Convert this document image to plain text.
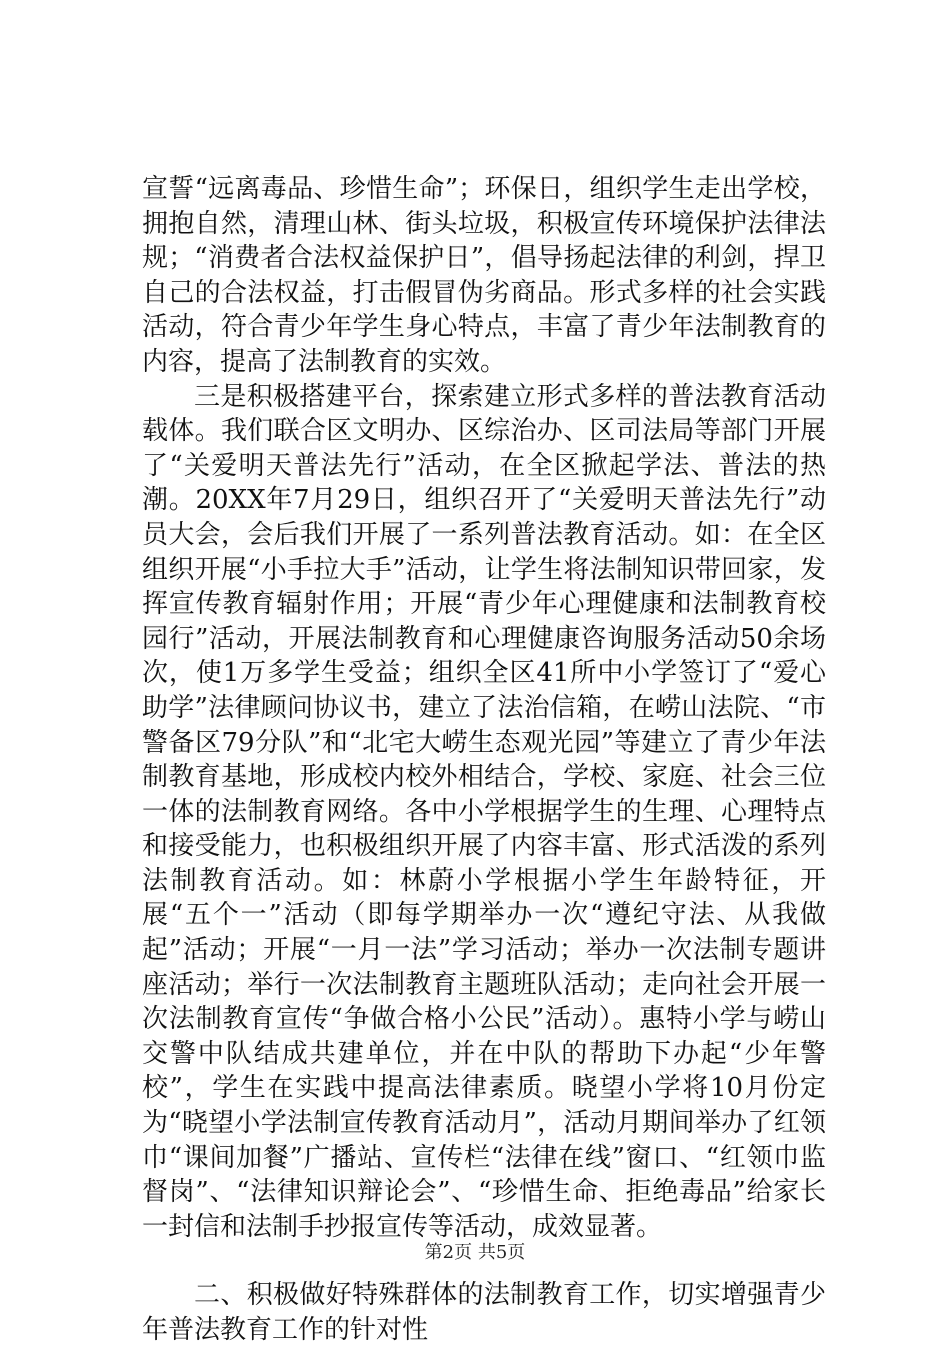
宣誓“远离毒品、珍惜生命”；环保日，组织学生走出学校，拥抱自然，清理山林、街头垃圾，积极宣传环境保护法律法规；“消费者合法权益保护日”，倡导扬起法律的利剑，捍卫自己的合法权益，打击假冒伪劣商品。形式多样的社会实践活动，符合青少年学生身心特点，丰富了青少年法制教育的内容，提高了法制教育的实效。

三是积极搭建平台，探索建立形式多样的普法教育活动载体。我们联合区文明办、区综治办、区司法局等部门开展了“关爱明天普法先行”活动，在全区掀起学法、普法的热潮。20XX年7月29日，组织召开了“关爱明天普法先行”动员大会，会后我们开展了一系列普法教育活动。如：在全区组织开展“小手拉大手”活动，让学生将法制知识带回家，发挥宣传教育辐射作用；开展“青少年心理健康和法制教育校园行”活动，开展法制教育和心理健康咨询服务活动50余场次，使1万多学生受益；组织全区41所中小学签订了“爱心助学”法律顾问协议书，建立了法治信箱，在崂山法院、“市警备区79分队”和“北宅大崂生态观光园”等建立了青少年法制教育基地，形成校内校外相结合，学校、家庭、社会三位一体的法制教育网络。各中小学根据学生的生理、心理特点和接受能力，也积极组织开展了内容丰富、形式活泼的系列法制教育活动。如：林蔚小学根据小学生年龄特征，开展“五个一”活动（即每学期举办一次“遵纪守法、从我做起”活动；开展“一月一法”学习活动；举办一次法制专题讲座活动；举行一次法制教育主题班队活动；走向社会开展一次法制教育宣传“争做合格小公民”活动）。惠特小学与崂山交警中队结成共建单位，并在中队的帮助下办起“少年警校”，学生在实践中提高法律素质。晓望小学将10月份定为“晓望小学法制宣传教育活动月”，活动月期间举办了红领巾“课间加餐”广播站、宣传栏“法律在线”窗口、“红领巾监督岗”、“法律知识辩论会”、“珍惜生命、拒绝毒品”给家长一封信和法制手抄报宣传等活动，成效显著。

二、积极做好特殊群体的法制教育工作，切实增强青少年普法教育工作的针对性

第2页 共5页
